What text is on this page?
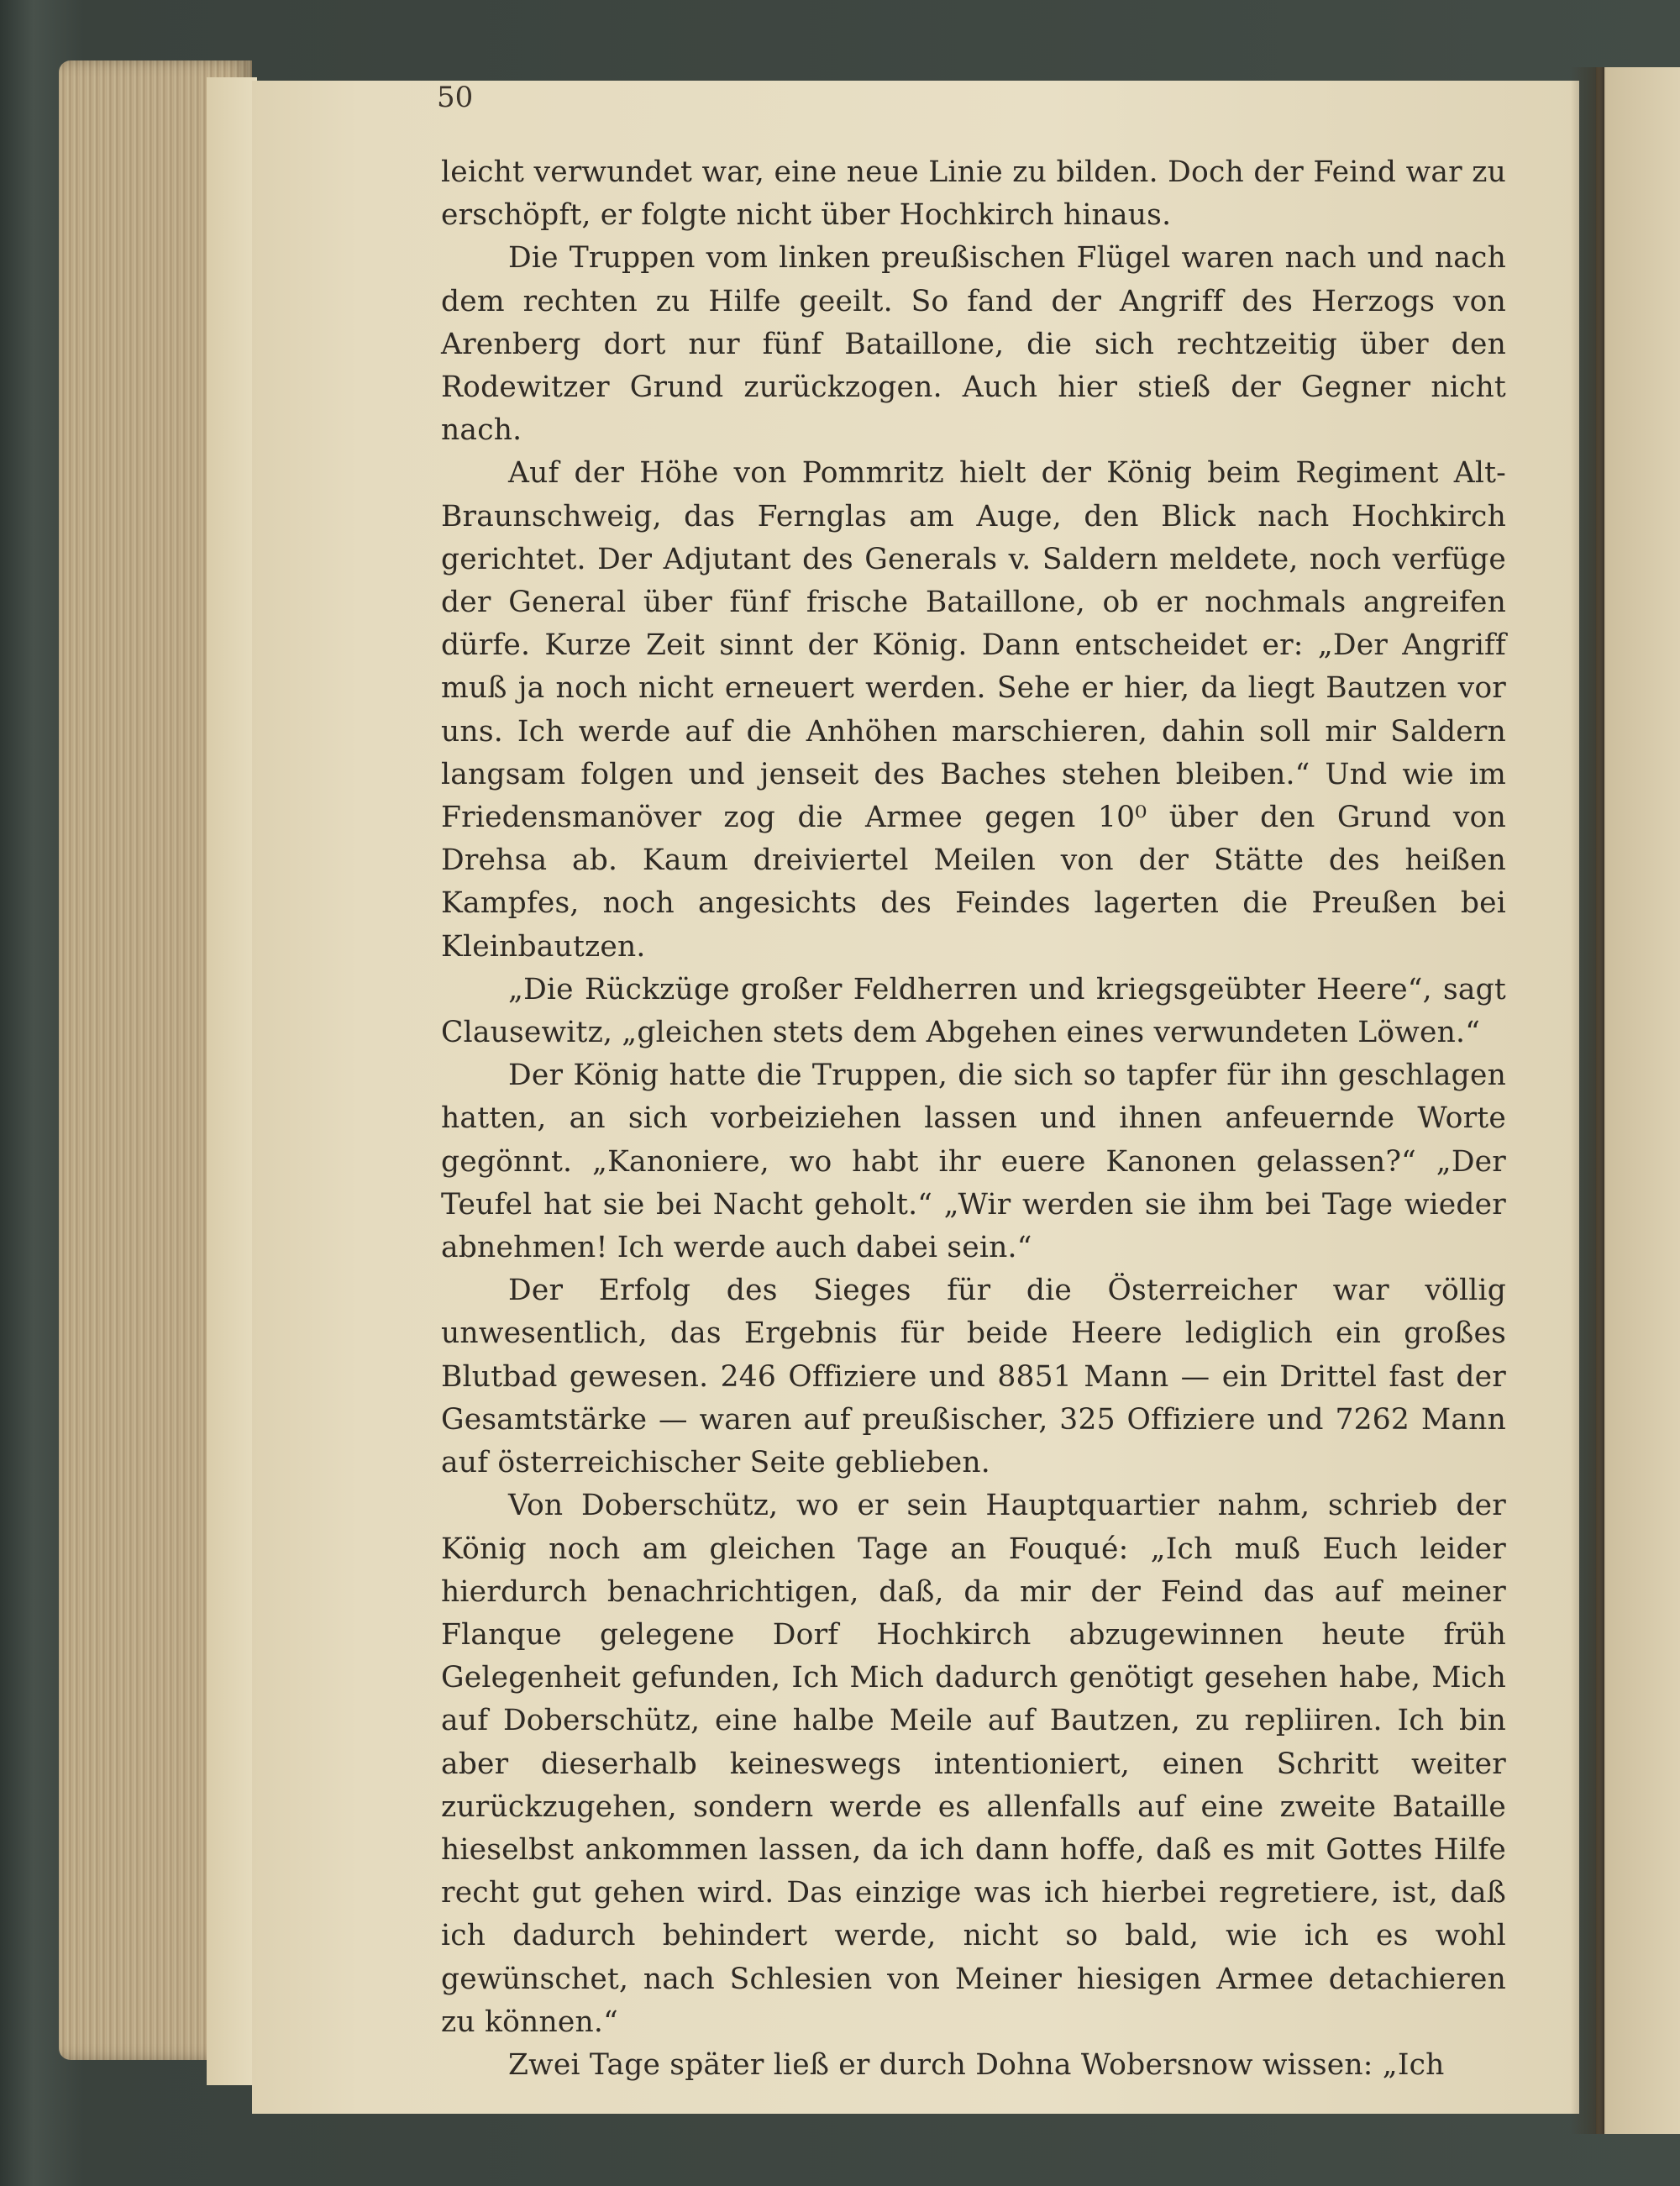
50

leicht verwundet war, eine neue Linie zu bilden. Doch der Feind war zu erschöpft, er folgte nicht über Hochkirch hinaus.

Die Truppen vom linken preußischen Flügel waren nach und nach dem rechten zu Hilfe geeilt. So fand der Angriff des Herzogs von Arenberg dort nur fünf Bataillone, die sich rechtzeitig über den Rodewitzer Grund zurückzogen. Auch hier stieß der Gegner nicht nach.

Auf der Höhe von Pommritz hielt der König beim Regiment Alt-Braunschweig, das Fernglas am Auge, den Blick nach Hochkirch gerichtet. Der Adjutant des Generals v. Saldern meldete, noch verfüge der General über fünf frische Bataillone, ob er nochmals angreifen dürfe. Kurze Zeit sinnt der König. Dann entscheidet er: „Der Angriff muß ja noch nicht erneuert werden. Sehe er hier, da liegt Bautzen vor uns. Ich werde auf die Anhöhen marschieren, dahin soll mir Saldern langsam folgen und jenseit des Baches stehen bleiben.“ Und wie im Friedensmanöver zog die Armee gegen 10⁰ über den Grund von Drehsa ab. Kaum dreiviertel Meilen von der Stätte des heißen Kampfes, noch angesichts des Feindes lagerten die Preußen bei Kleinbautzen.

„Die Rückzüge großer Feldherren und kriegsgeübter Heere“, sagt Clausewitz, „gleichen stets dem Abgehen eines verwundeten Löwen.“

Der König hatte die Truppen, die sich so tapfer für ihn geschlagen hatten, an sich vorbeiziehen lassen und ihnen anfeuernde Worte gegönnt. „Kanoniere, wo habt ihr euere Kanonen gelassen?“ „Der Teufel hat sie bei Nacht geholt.“ „Wir werden sie ihm bei Tage wieder abnehmen! Ich werde auch dabei sein.“

Der Erfolg des Sieges für die Österreicher war völlig unwesentlich, das Ergebnis für beide Heere lediglich ein großes Blutbad gewesen. 246 Offiziere und 8851 Mann — ein Drittel fast der Gesamtstärke — waren auf preußischer, 325 Offiziere und 7262 Mann auf österreichischer Seite geblieben.

Von Doberschütz, wo er sein Hauptquartier nahm, schrieb der König noch am gleichen Tage an Fouqué: „Ich muß Euch leider hierdurch benachrichtigen, daß, da mir der Feind das auf meiner Flanque gelegene Dorf Hochkirch abzugewinnen heute früh Gelegenheit gefunden, Ich Mich dadurch genötigt gesehen habe, Mich auf Doberschütz, eine halbe Meile auf Bautzen, zu repliiren. Ich bin aber dieserhalb keineswegs intentioniert, einen Schritt weiter zurückzugehen, sondern werde es allenfalls auf eine zweite Bataille hieselbst ankommen lassen, da ich dann hoffe, daß es mit Gottes Hilfe recht gut gehen wird. Das einzige was ich hierbei regretiere, ist, daß ich dadurch behindert werde, nicht so bald, wie ich es wohl gewünschet, nach Schlesien von Meiner hiesigen Armee detachieren zu können.“

Zwei Tage später ließ er durch Dohna Wobersnow wissen: „Ich
